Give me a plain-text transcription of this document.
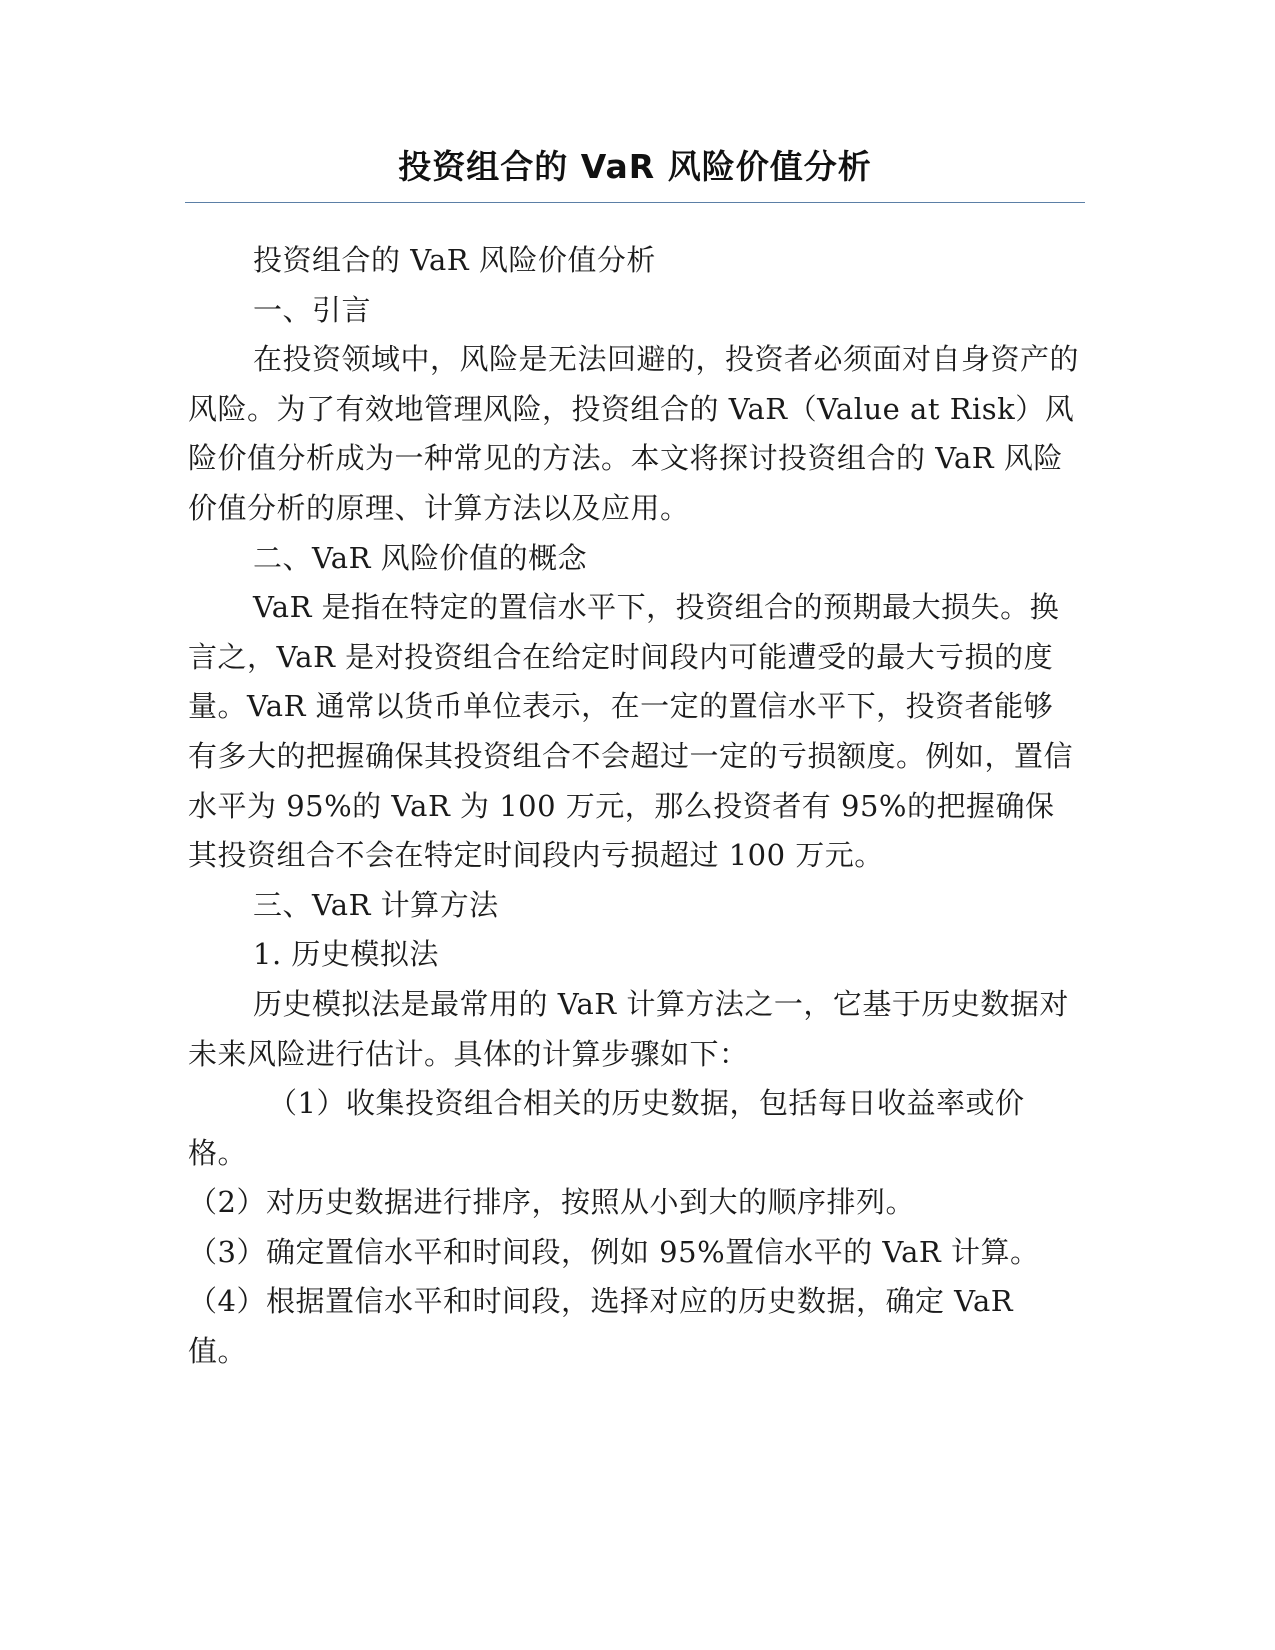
投资组合的 VaR 风险价值分析

投资组合的 VaR 风险价值分析

一、引言

在投资领域中，风险是无法回避的，投资者必须面对自身资产的风险。为了有效地管理风险，投资组合的 VaR（Value at Risk）风险价值分析成为一种常见的方法。本文将探讨投资组合的 VaR 风险价值分析的原理、计算方法以及应用。

二、VaR 风险价值的概念

VaR 是指在特定的置信水平下，投资组合的预期最大损失。换言之，VaR 是对投资组合在给定时间段内可能遭受的最大亏损的度量。VaR 通常以货币单位表示，在一定的置信水平下，投资者能够有多大的把握确保其投资组合不会超过一定的亏损额度。例如，置信水平为 95%的 VaR 为 100 万元，那么投资者有 95%的把握确保其投资组合不会在特定时间段内亏损超过 100 万元。

三、VaR 计算方法

1. 历史模拟法

历史模拟法是最常用的 VaR 计算方法之一，它基于历史数据对未来风险进行估计。具体的计算步骤如下：

（1）收集投资组合相关的历史数据，包括每日收益率或价格。

（2）对历史数据进行排序，按照从小到大的顺序排列。

（3）确定置信水平和时间段，例如 95%置信水平的 VaR 计算。

（4）根据置信水平和时间段，选择对应的历史数据，确定 VaR 值。
